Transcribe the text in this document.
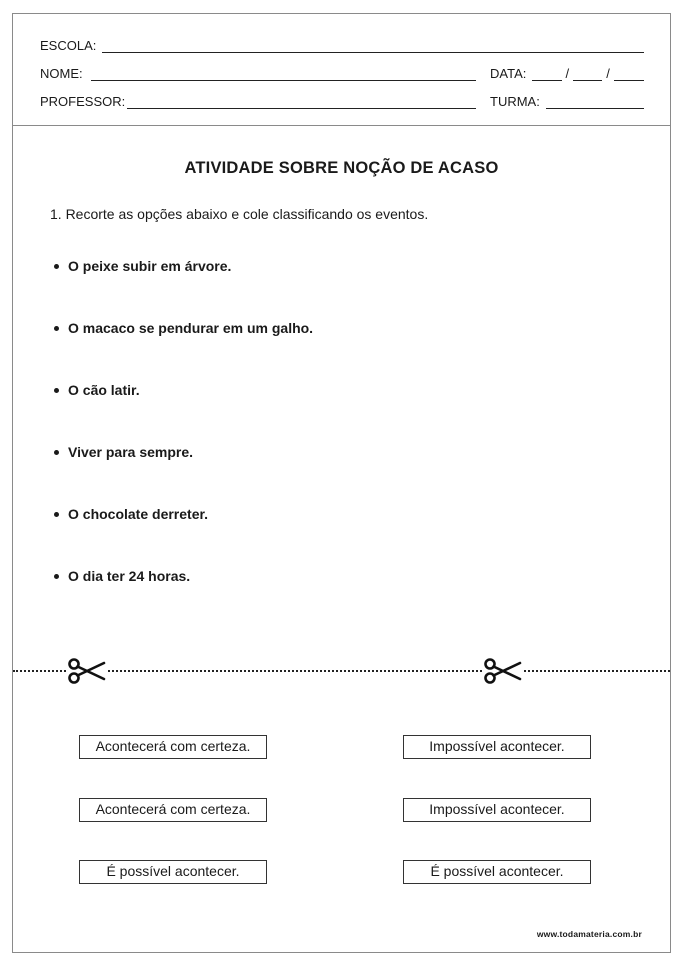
ESCOLA:
NOME:	DATA:	/	/
PROFESSOR:	TURMA:
ATIVIDADE SOBRE NOÇÃO DE ACASO
1. Recorte as opções abaixo e cole classificando os eventos.
O peixe subir em árvore.
O macaco se pendurar em um galho.
O cão latir.
Viver para sempre.
O chocolate derreter.
O dia ter 24 horas.
Acontecerá com certeza.
Acontecerá com certeza.
É possível acontecer.
Impossível acontecer.
Impossível acontecer.
É possível acontecer.
www.todamateria.com.br
